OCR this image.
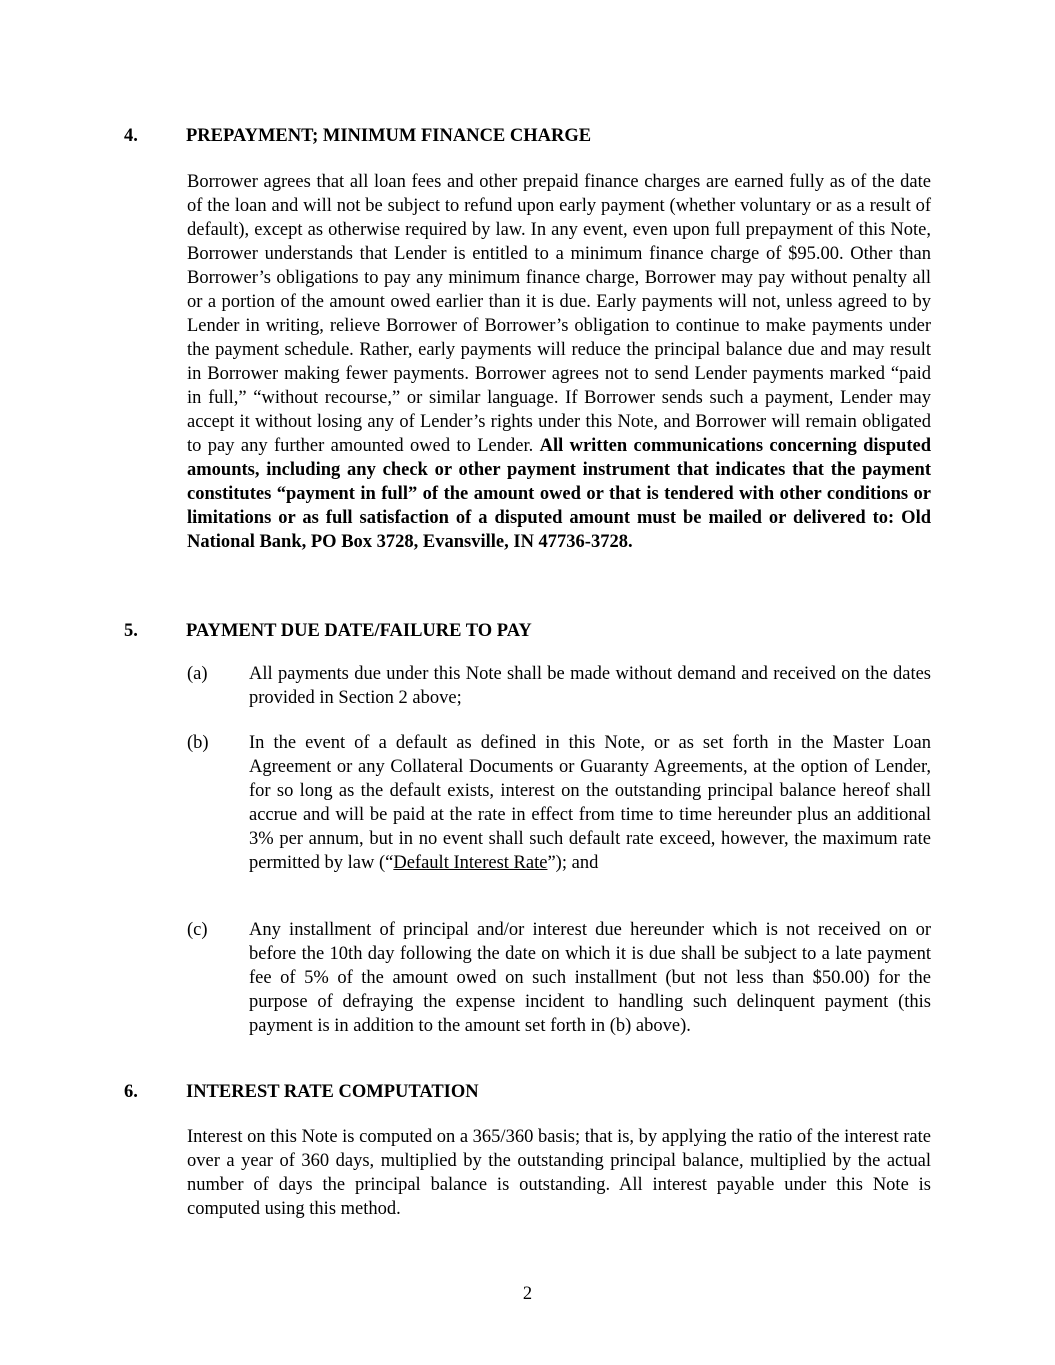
4.	PREPAYMENT; MINIMUM FINANCE CHARGE

Borrower agrees that all loan fees and other prepaid finance charges are earned fully as of the date of the loan and will not be subject to refund upon early payment (whether voluntary or as a result of default), except as otherwise required by law. In any event, even upon full prepayment of this Note, Borrower understands that Lender is entitled to a minimum finance charge of $95.00. Other than Borrower’s obligations to pay any minimum finance charge, Borrower may pay without penalty all or a portion of the amount owed earlier than it is due. Early payments will not, unless agreed to by Lender in writing, relieve Borrower of Borrower’s obligation to continue to make payments under the payment schedule. Rather, early payments will reduce the principal balance due and may result in Borrower making fewer payments. Borrower agrees not to send Lender payments marked “paid in full,” “without recourse,” or similar language. If Borrower sends such a payment, Lender may accept it without losing any of Lender’s rights under this Note, and Borrower will remain obligated to pay any further amounted owed to Lender. All written communications concerning disputed amounts, including any check or other payment instrument that indicates that the payment constitutes “payment in full” of the amount owed or that is tendered with other conditions or limitations or as full satisfaction of a disputed amount must be mailed or delivered to: Old National Bank, PO Box 3728, Evansville, IN 47736-3728.

5.	PAYMENT DUE DATE/FAILURE TO PAY
(a) All payments due under this Note shall be made without demand and received on the dates provided in Section 2 above;
(b) In the event of a default as defined in this Note, or as set forth in the Master Loan Agreement or any Collateral Documents or Guaranty Agreements, at the option of Lender, for so long as the default exists, interest on the outstanding principal balance hereof shall accrue and will be paid at the rate in effect from time to time hereunder plus an additional 3% per annum, but in no event shall such default rate exceed, however, the maximum rate permitted by law (“Default Interest Rate”); and
(c) Any installment of principal and/or interest due hereunder which is not received on or before the 10th day following the date on which it is due shall be subject to a late payment fee of 5% of the amount owed on such installment (but not less than $50.00) for the purpose of defraying the expense incident to handling such delinquent payment (this payment is in addition to the amount set forth in (b) above).
6.	INTEREST RATE COMPUTATION

Interest on this Note is computed on a 365/360 basis; that is, by applying the ratio of the interest rate over a year of 360 days, multiplied by the outstanding principal balance, multiplied by the actual number of days the principal balance is outstanding. All interest payable under this Note is computed using this method.

2
